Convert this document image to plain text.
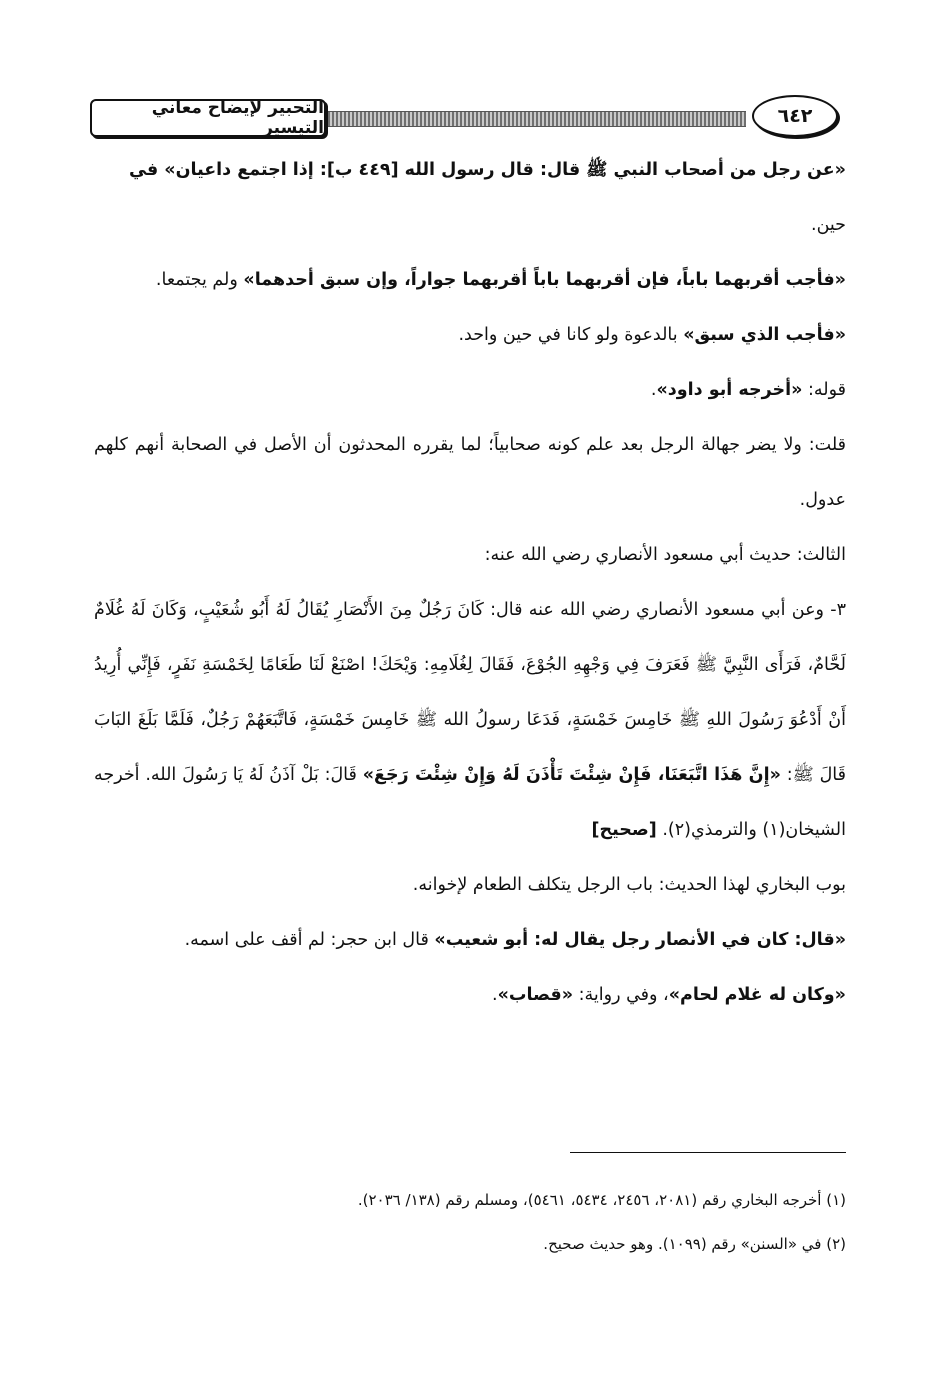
التحبير لإيضاح معاني التيسير
٦٤٢

«عن رجل من أصحاب النبي ﷺ قال: قال رسول الله [٤٤٩ ب]: إذا اجتمع داعيان» في

حين.

«فأجب أقربهما باباً، فإن أقربهما باباً أقربهما جواراً، وإن سبق أحدهما» ولم يجتمعا.

«فأجب الذي سبق» بالدعوة ولو كانا في حين واحد.

قوله: «أخرجه أبو داود».

قلت: ولا يضر جهالة الرجل بعد علم كونه صحابياً؛ لما يقرره المحدثون أن الأصل في الصحابة أنهم كلهم عدول.

الثالث: حديث أبي مسعود الأنصاري رضي الله عنه:

٣- وعن أبي مسعود الأنصاري رضي الله عنه قال: كَانَ رَجُلٌ مِنَ الأَنْصَارِ يُقَالُ لَهُ أَبُو شُعَيْبٍ، وَكَانَ لَهُ غُلَامٌ لَحَّامٌ، فَرَأَى النَّبِيَّ ﷺ فَعَرَفَ فِي وَجْهِهِ الجُوْعَ، فَقَالَ لِغُلَامِهِ: وَيْحَكَ! اصْنَعْ لَنَا طَعَامًا لِخَمْسَةِ نَفَرٍ، فَإِنِّي أُرِيدُ أَنْ أَدْعُوَ رَسُولَ اللهِ ﷺ خَامِسَ خَمْسَةٍ، فَدَعَا رسولُ الله ﷺ خَامِسَ خَمْسَةٍ، فَاتَّبَعَهُمْ رَجُلٌ، فَلَمَّا بَلَغَ البَابَ قَالَ ﷺ: «إِنَّ هَذَا اتَّبَعَنَا، فَإِنْ شِئْتَ تَأْذَنَ لَهُ وَإِنْ شِئْتَ رَجَعَ» قَالَ: بَلْ آذَنُ لَهُ يَا رَسُولَ الله. أخرجه الشيخان(١) والترمذي(٢). [صحيح]

بوب البخاري لهذا الحديث: باب الرجل يتكلف الطعام لإخوانه.

«قال: كان في الأنصار رجل يقال له: أبو شعيب» قال ابن حجر: لم أقف على اسمه.

«وكان له غلام لحام»، وفي رواية: «قصاب».

(١) أخرجه البخاري رقم (٢٠٨١، ٢٤٥٦، ٥٤٣٤، ٥٤٦١)، ومسلم رقم (١٣٨/ ٢٠٣٦).

(٢) في «السنن» رقم (١٠٩٩). وهو حديث صحيح.
